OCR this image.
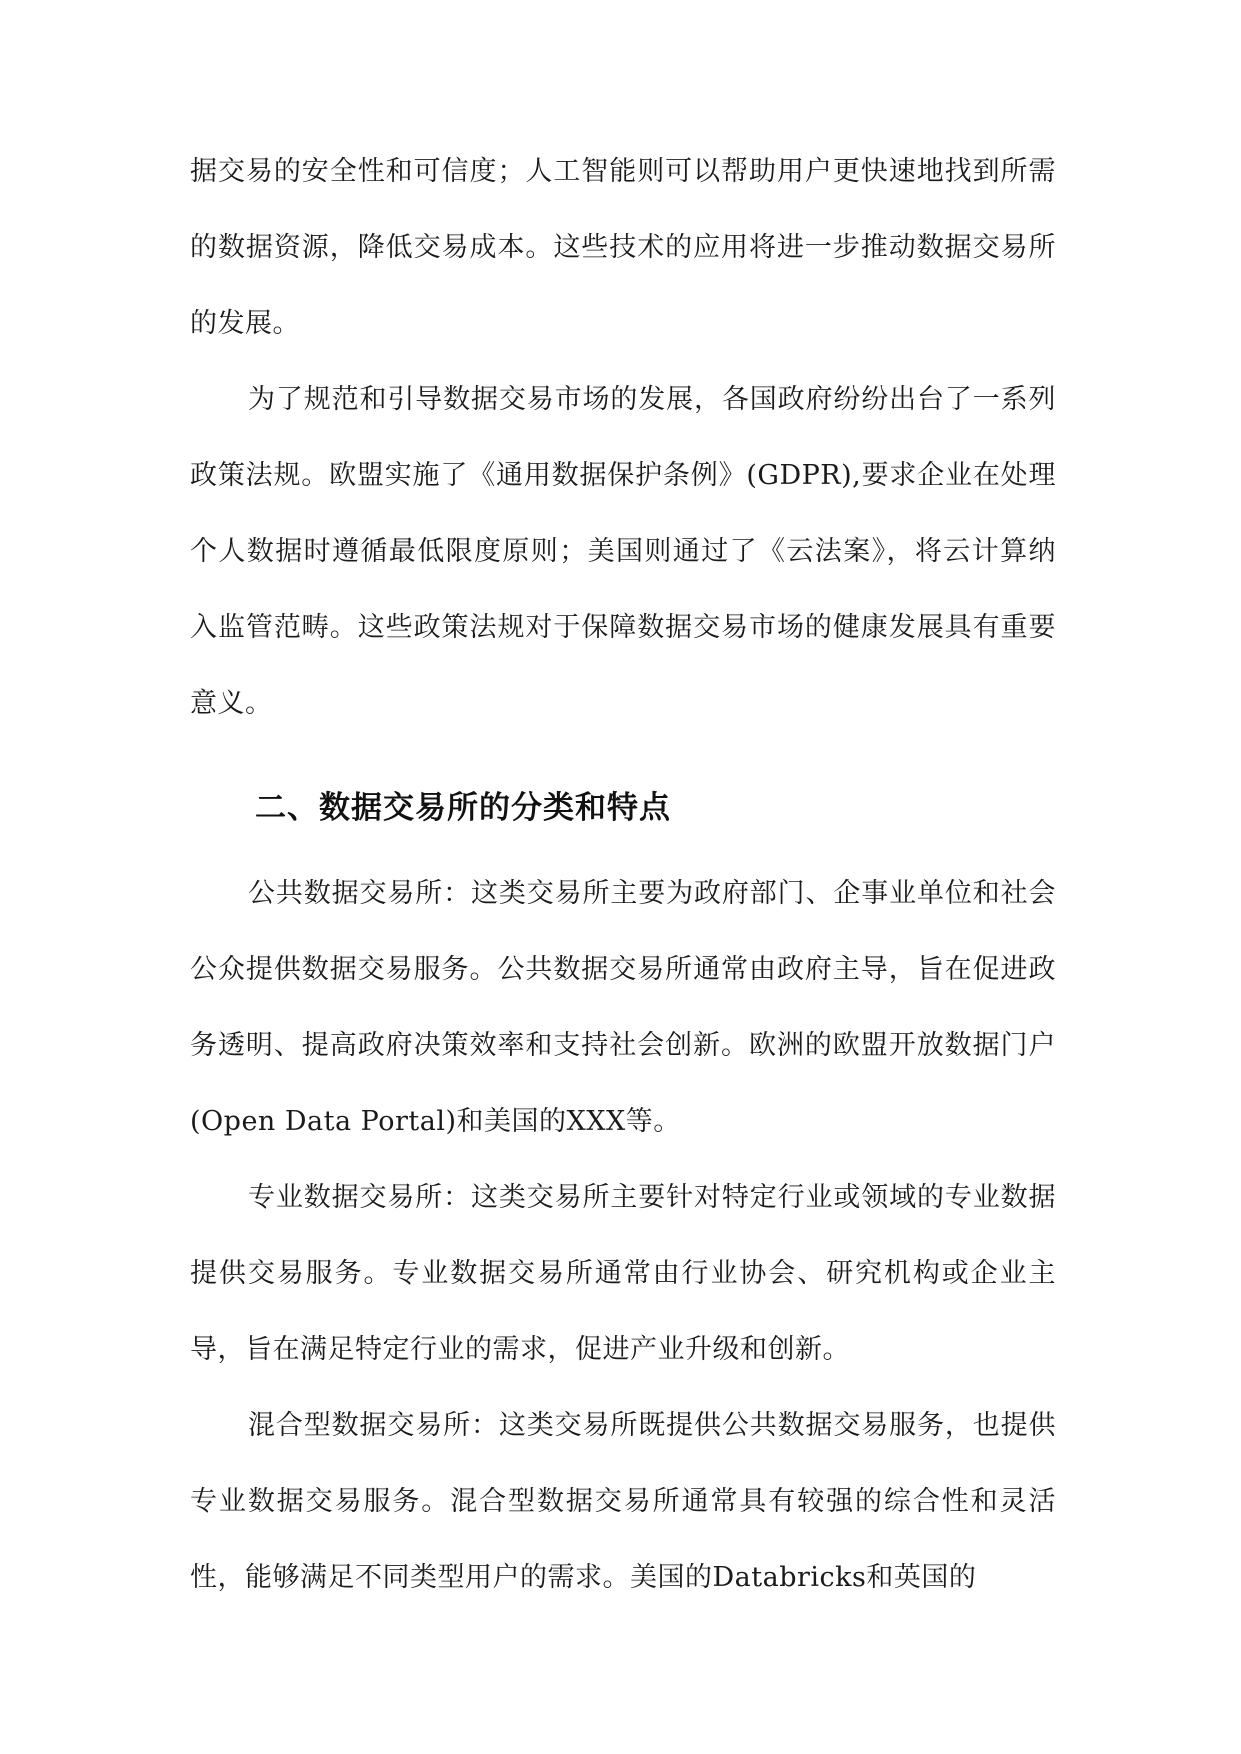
据交易的安全性和可信度；人工智能则可以帮助用户更快速地找到所需的数据资源，降低交易成本。这些技术的应用将进一步推动数据交易所的发展。

为了规范和引导数据交易市场的发展，各国政府纷纷出台了一系列政策法规。欧盟实施了《通用数据保护条例》(GDPR),要求企业在处理个人数据时遵循最低限度原则；美国则通过了《云法案》，将云计算纳入监管范畴。这些政策法规对于保障数据交易市场的健康发展具有重要意义。

二、数据交易所的分类和特点

公共数据交易所：这类交易所主要为政府部门、企事业单位和社会公众提供数据交易服务。公共数据交易所通常由政府主导，旨在促进政务透明、提高政府决策效率和支持社会创新。欧洲的欧盟开放数据门户(Open Data Portal)和美国的XXX等。

专业数据交易所：这类交易所主要针对特定行业或领域的专业数据提供交易服务。专业数据交易所通常由行业协会、研究机构或企业主导，旨在满足特定行业的需求，促进产业升级和创新。

混合型数据交易所：这类交易所既提供公共数据交易服务，也提供专业数据交易服务。混合型数据交易所通常具有较强的综合性和灵活性，能够满足不同类型用户的需求。美国的Databricks和英国的
